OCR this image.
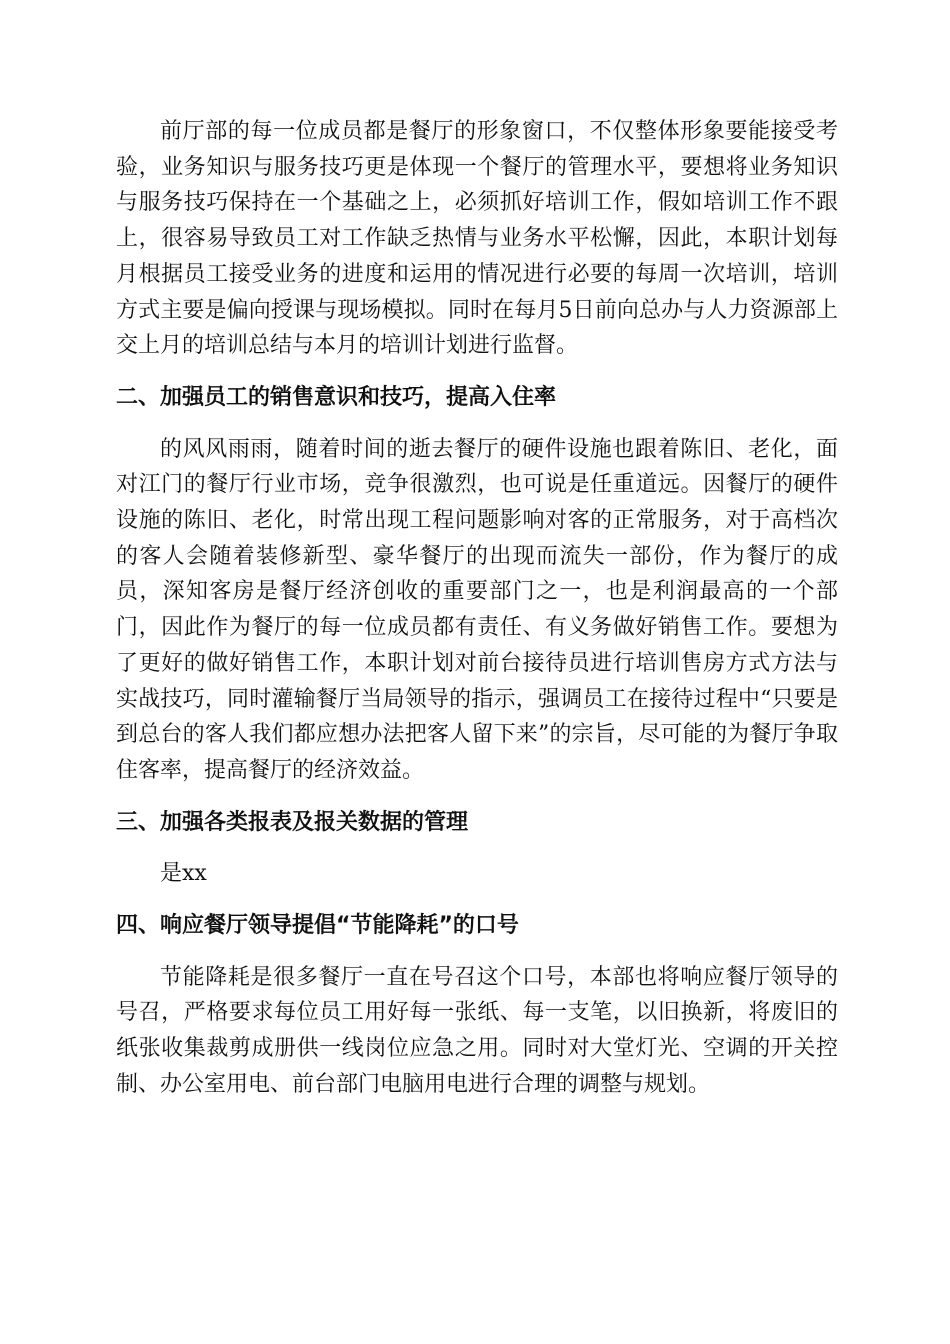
前厅部的每一位成员都是餐厅的形象窗口，不仅整体形象要能接受考验，业务知识与服务技巧更是体现一个餐厅的管理水平，要想将业务知识与服务技巧保持在一个基础之上，必须抓好培训工作，假如培训工作不跟上，很容易导致员工对工作缺乏热情与业务水平松懈，因此，本职计划每月根据员工接受业务的进度和运用的情况进行必要的每周一次培训，培训方式主要是偏向授课与现场模拟。同时在每月5日前向总办与人力资源部上交上月的培训总结与本月的培训计划进行监督。

二、加强员工的销售意识和技巧，提高入住率

的风风雨雨，随着时间的逝去餐厅的硬件设施也跟着陈旧、老化，面对江门的餐厅行业市场，竞争很激烈，也可说是任重道远。因餐厅的硬件设施的陈旧、老化，时常出现工程问题影响对客的正常服务，对于高档次的客人会随着装修新型、豪华餐厅的出现而流失一部份，作为餐厅的成员，深知客房是餐厅经济创收的重要部门之一，也是利润最高的一个部门，因此作为餐厅的每一位成员都有责任、有义务做好销售工作。要想为了更好的做好销售工作，本职计划对前台接待员进行培训售房方式方法与实战技巧，同时灌输餐厅当局领导的指示，强调员工在接待过程中“只要是到总台的客人我们都应想办法把客人留下来”的宗旨，尽可能的为餐厅争取住客率，提高餐厅的经济效益。

三、加强各类报表及报关数据的管理

是xx

四、响应餐厅领导提倡“节能降耗”的口号

节能降耗是很多餐厅一直在号召这个口号，本部也将响应餐厅领导的号召，严格要求每位员工用好每一张纸、每一支笔，以旧换新，将废旧的纸张收集裁剪成册供一线岗位应急之用。同时对大堂灯光、空调的开关控制、办公室用电、前台部门电脑用电进行合理的调整与规划。
